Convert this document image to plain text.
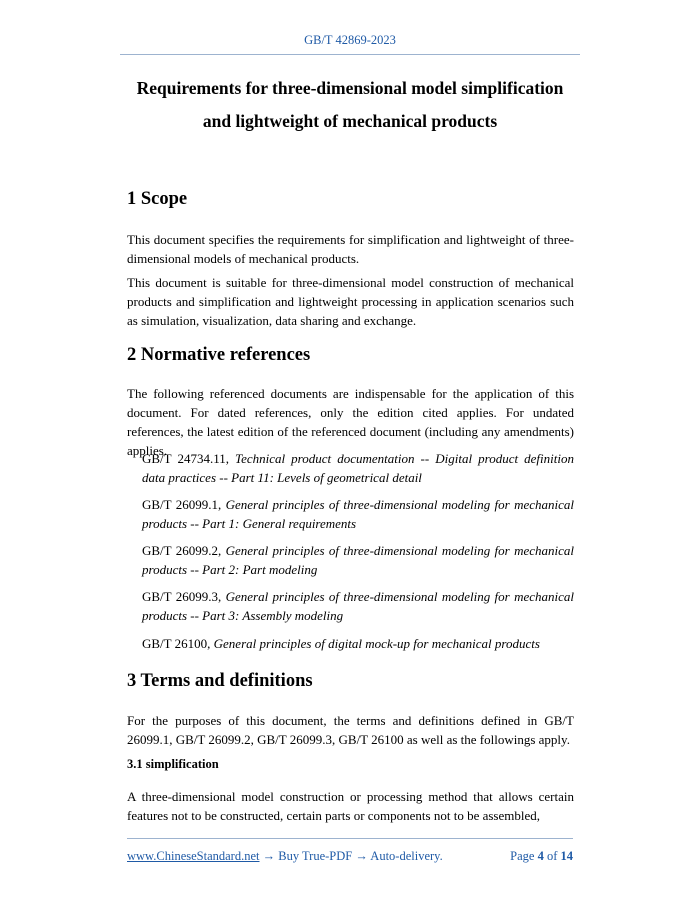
GB/T 42869-2023
Requirements for three-dimensional model simplification
and lightweight of mechanical products
1 Scope

This document specifies the requirements for simplification and lightweight of three-dimensional models of mechanical products.

This document is suitable for three-dimensional model construction of mechanical products and simplification and lightweight processing in application scenarios such as simulation, visualization, data sharing and exchange.

2 Normative references

The following referenced documents are indispensable for the application of this document. For dated references, only the edition cited applies. For undated references, the latest edition of the referenced document (including any amendments) applies.

GB/T 24734.11, Technical product documentation -- Digital product definition data practices -- Part 11: Levels of geometrical detail

GB/T 26099.1, General principles of three-dimensional modeling for mechanical products -- Part 1: General requirements

GB/T 26099.2, General principles of three-dimensional modeling for mechanical products -- Part 2: Part modeling

GB/T 26099.3, General principles of three-dimensional modeling for mechanical products -- Part 3: Assembly modeling

GB/T 26100, General principles of digital mock-up for mechanical products

3 Terms and definitions

For the purposes of this document, the terms and definitions defined in GB/T 26099.1, GB/T 26099.2, GB/T 26099.3, GB/T 26100 as well as the followings apply.

3.1 simplification

A three-dimensional model construction or processing method that allows certain features not to be constructed, certain parts or components not to be assembled,

www.ChineseStandard.net → Buy True-PDF → Auto-delivery.	Page 4 of 14
